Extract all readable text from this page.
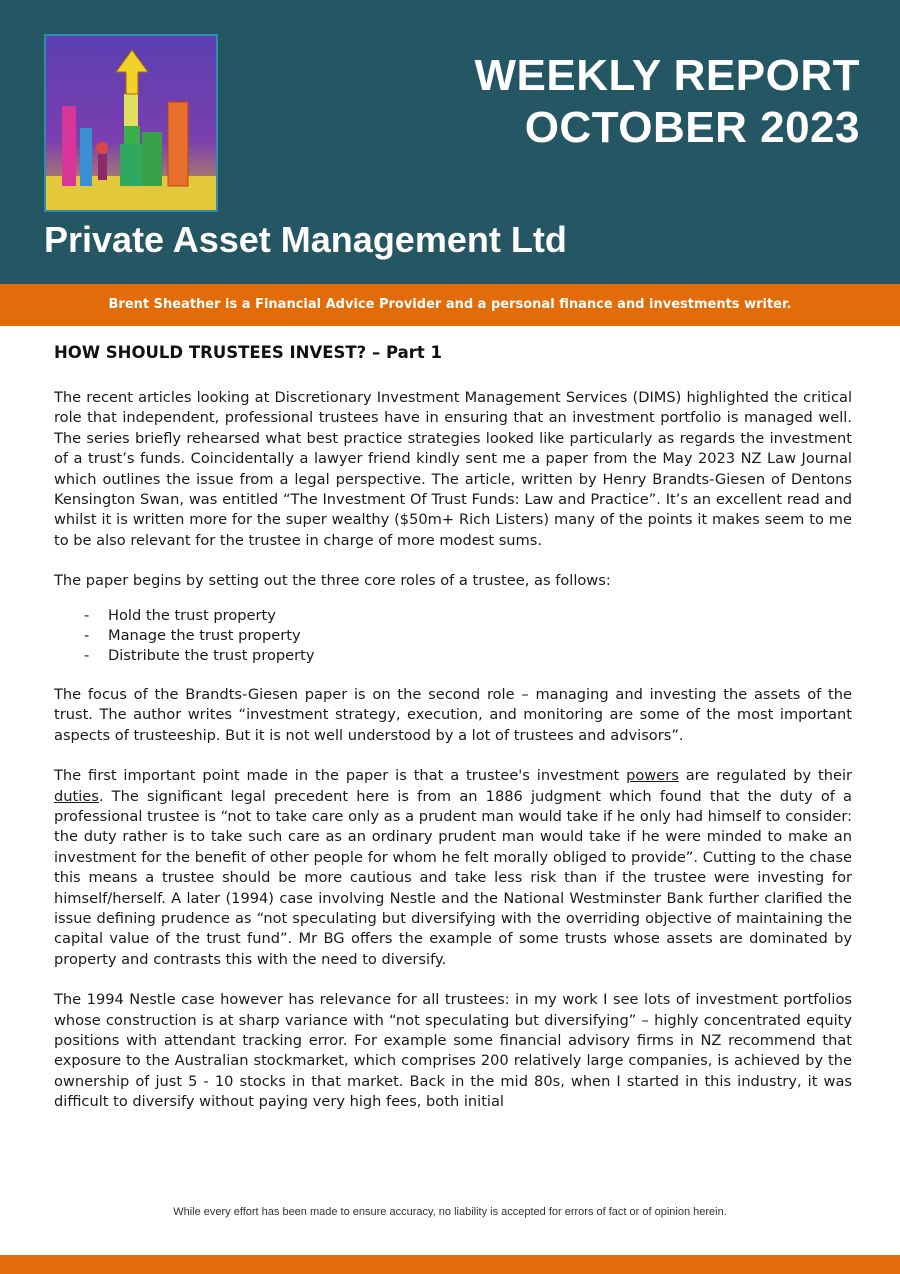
WEEKLY REPORT
OCTOBER 2023
Private Asset Management Ltd
Brent Sheather is a Financial Advice Provider and a personal finance and investments writer.
HOW SHOULD TRUSTEES INVEST? – Part 1

The recent articles looking at Discretionary Investment Management Services (DIMS) highlighted the critical role that independent, professional trustees have in ensuring that an investment portfolio is managed well. The series briefly rehearsed what best practice strategies looked like particularly as regards the investment of a trust’s funds. Coincidentally a lawyer friend kindly sent me a paper from the May 2023 NZ Law Journal which outlines the issue from a legal perspective. The article, written by Henry Brandts-Giesen of Dentons Kensington Swan, was entitled “The Investment Of Trust Funds: Law and Practice”. It’s an excellent read and whilst it is written more for the super wealthy ($50m+ Rich Listers) many of the points it makes seem to me to be also relevant for the trustee in charge of more modest sums.

The paper begins by setting out the three core roles of a trustee, as follows:

- Hold the trust property
- Manage the trust property
- Distribute the trust property

The focus of the Brandts-Giesen paper is on the second role – managing and investing the assets of the trust. The author writes “investment strategy, execution, and monitoring are some of the most important aspects of trusteeship. But it is not well understood by a lot of trustees and advisors”.

The first important point made in the paper is that a trustee's investment powers are regulated by their duties. The significant legal precedent here is from an 1886 judgment which found that the duty of a professional trustee is “not to take care only as a prudent man would take if he only had himself to consider: the duty rather is to take such care as an ordinary prudent man would take if he were minded to make an investment for the benefit of other people for whom he felt morally obliged to provide”. Cutting to the chase this means a trustee should be more cautious and take less risk than if the trustee were investing for himself/herself. A later (1994) case involving Nestle and the National Westminster Bank further clarified the issue defining prudence as “not speculating but diversifying with the overriding objective of maintaining the capital value of the trust fund”. Mr BG offers the example of some trusts whose assets are dominated by property and contrasts this with the need to diversify.

The 1994 Nestle case however has relevance for all trustees: in my work I see lots of investment portfolios whose construction is at sharp variance with “not speculating but diversifying” – highly concentrated equity positions with attendant tracking error. For example some financial advisory firms in NZ recommend that exposure to the Australian stockmarket, which comprises 200 relatively large companies, is achieved by the ownership of just 5 - 10 stocks in that market. Back in the mid 80s, when I started in this industry, it was difficult to diversify without paying very high fees, both initial

While every effort has been made to ensure accuracy, no liability is accepted for errors of fact or of opinion herein.
